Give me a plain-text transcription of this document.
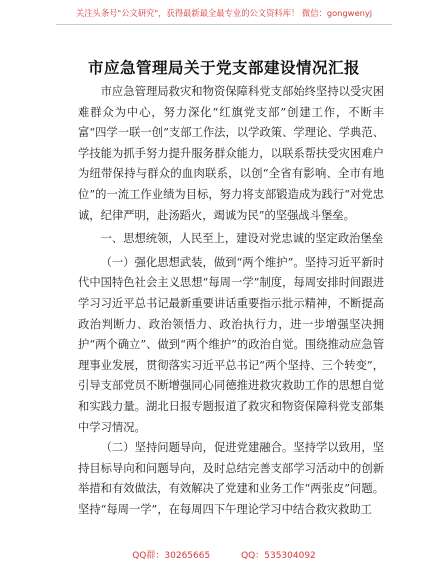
关注头条号"公文研究"，获得最新最全最专业的公文资料库！ 微信：gongwenyj
市应急管理局关于党支部建设情况汇报

市应急管理局救灾和物资保障科党支部始终坚持以受灾困难群众为中心，努力深化“红旗党支部”创建工作，不断丰富“四学一联一创”支部工作法，以学政策、学理论、学典范、学技能为抓手努力提升服务群众能力，以联系帮扶受灾困难户为纽带保持与群众的血肉联系，以创“全省有影响、全市有地位”的一流工作业绩为目标，努力将支部锻造成为践行“对党忠诚，纪律严明，赴汤蹈火，竭诚为民”的坚强战斗堡垒。

一、思想统领，人民至上，建设对党忠诚的坚定政治堡垒

（一）强化思想武装，做到“两个维护”。坚持习近平新时代中国特色社会主义思想“每周一学”制度，每周安排时间跟进学习习近平总书记最新重要讲话重要指示批示精神，不断提高政治判断力、政治领悟力、政治执行力，进一步增强坚决拥护“两个确立”、做到“两个维护”的政治自觉。围绕推动应急管理事业发展，贯彻落实习近平总书记“两个坚持、三个转变”，引导支部党员不断增强同心同德推进救灾救助工作的思想自觉和实践力量。湖北日报专题报道了救灾和物资保障科党支部集中学习情况。

（二）坚持问题导向，促进党建融合。坚持学以致用，坚持目标导向和问题导向，及时总结完善支部学习活动中的创新举措和有效做法，有效解决了党建和业务工作“两张皮”问题。坚持“每周一学”，在每周四下午理论学习中结合救灾救助工

QQ群：30265665	QQ：535304092
